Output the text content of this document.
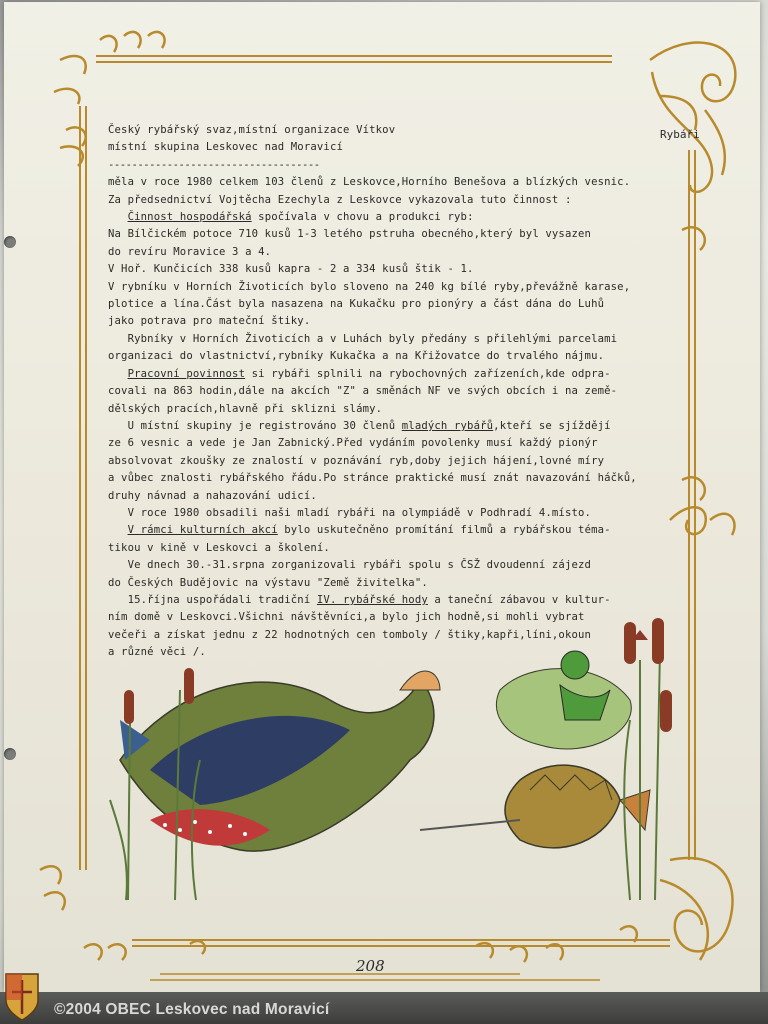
Rybáři
Český rybářský svaz,místní organizace Vítkov
místní skupina Leskovec nad Moravicí
------------------------------------
měla v roce 1980 celkem 103 členů z Leskovce,Horního Benešova a blízkých vesnic.
Za předsednictví Vojtěcha Ezechyla z Leskovce vykazovala tuto činnost :
Činnost hospodářská spočívala v chovu a produkci ryb:
Na Bílčickém potoce 710 kusů 1-3 letého pstruha obecného,který byl vysazen
do revíru Moravice 3 a 4.
V Hoř. Kunčicích 338 kusů kapra - 2 a 334 kusů štik - 1.
V rybníku v Horních Životicích bylo sloveno na 240 kg bílé ryby,převážně karase,
plotice a lína.Část byla nasazena na Kukačku pro pionýry a část dána do Luhů
jako potrava pro mateční štiky.
Rybníky v Horních Životicích a v Luhách byly předány s přilehlými parcelami
organizaci do vlastnictví,rybníky Kukačka a na Křižovatce do trvalého nájmu.
Pracovní povinnost si rybáři splnili na rybochovných zařízeních,kde odpra-
covali na 863 hodin,dále na akcích "Z" a směnách NF ve svých obcích i na země-
dělských pracích,hlavně při sklizni slámy.
U místní skupiny je registrováno 30 členů mladých rybářů,kteří se sjíždějí
ze 6 vesnic a vede je Jan Zabnický.Před vydáním povolenky musí každý pionýr
absolvovat zkoušky ze znalostí v poznávání ryb,doby jejich hájení,lovné míry
a vůbec znalosti rybářského řádu.Po stránce praktické musí znát navazování háčků,
druhy návnad a nahazování udicí.
V roce 1980 obsadili naši mladí rybáři na olympiádě v Podhradí 4.místo.
V rámci kulturních akcí bylo uskutečněno promítání filmů a rybářskou téma-
tikou v kině v Leskovci a školení.
Ve dnech 30.-31.srpna zorganizovali rybáři spolu s ČSŽ dvoudenní zájezd
do Českých Budějovic na výstavu "Země živitelka".
15.října uspořádali tradiční IV. rybářské hody a taneční zábavou v kultur-
ním domě v Leskovci.Všichni návštěvníci,a bylo jich hodně,si mohli vybrat
večeři a získat jednu z 22 hodnotných cen tomboly / štiky,kapři,líni,okoun
a různé věci /.
208
©2004 OBEC Leskovec nad Moravicí
